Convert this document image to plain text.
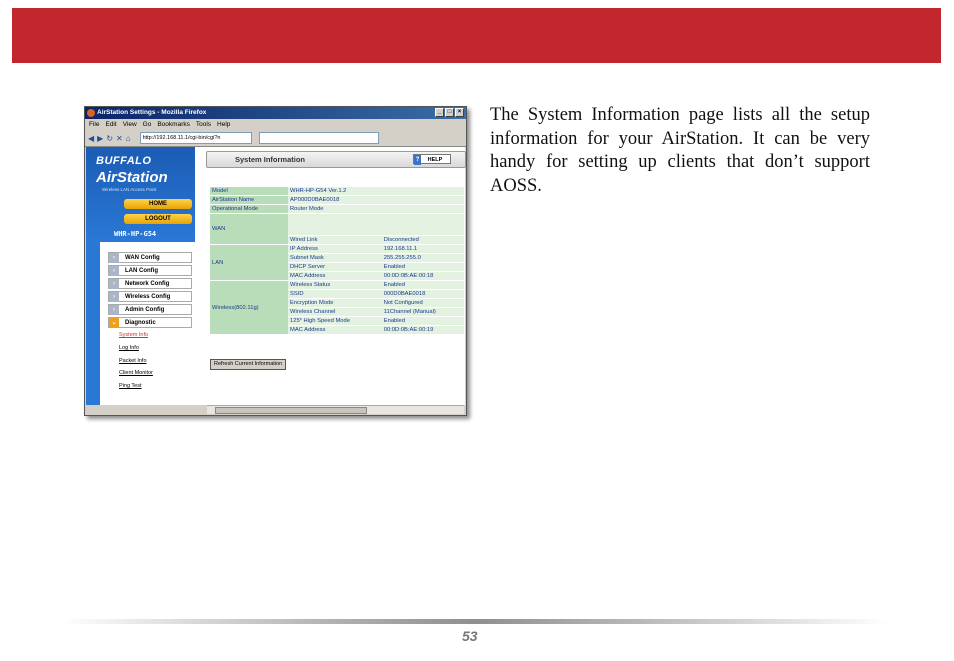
AirStation Settings - Mozilla Firefox	_	□	×
File Edit View Go Bookmarks Tools Help
◀ ▶ ↻ ✕ ⌂	http://192.168.11.1/cgi-bin/cgi?n
BUFFALO
AirStation
Wireless LAN Access Point
HOME
LOGOUT
WHR-HP-G54
›	WAN Config
›	LAN Config
›	Network Config
›	Wireless Config
›	Admin Config
⌄	Diagnostic
System Info
Log Info
Packet Info
Client Monitor
Ping Test
System Information	? HELP
Model	WHR-HP-G54 Ver.1.2	
AirStation Name	AP000D0BAE0018	
Operational Mode	Router Mode	
WAN		
	Wired Link	Disconnected
LAN	IP Address	192.168.11.1
	Subnet Mask	255.255.255.0
	DHCP Server	Enabled
	MAC Address	00:0D:0B:AE:00:18
Wireless(802.11g)	Wireless Status	Enabled
	SSID	000D0BAE0018
	Encryption Mode	Not Configured
	Wireless Channel	11Channel (Manual)
	125* High Speed Mode	Enabled
	MAC Address	00:0D:0B:AE:00:19
Refresh Current Information

The System Information page lists all the setup information for your AirStation. It can be very handy for setting up clients that don’t support AOSS.

53
